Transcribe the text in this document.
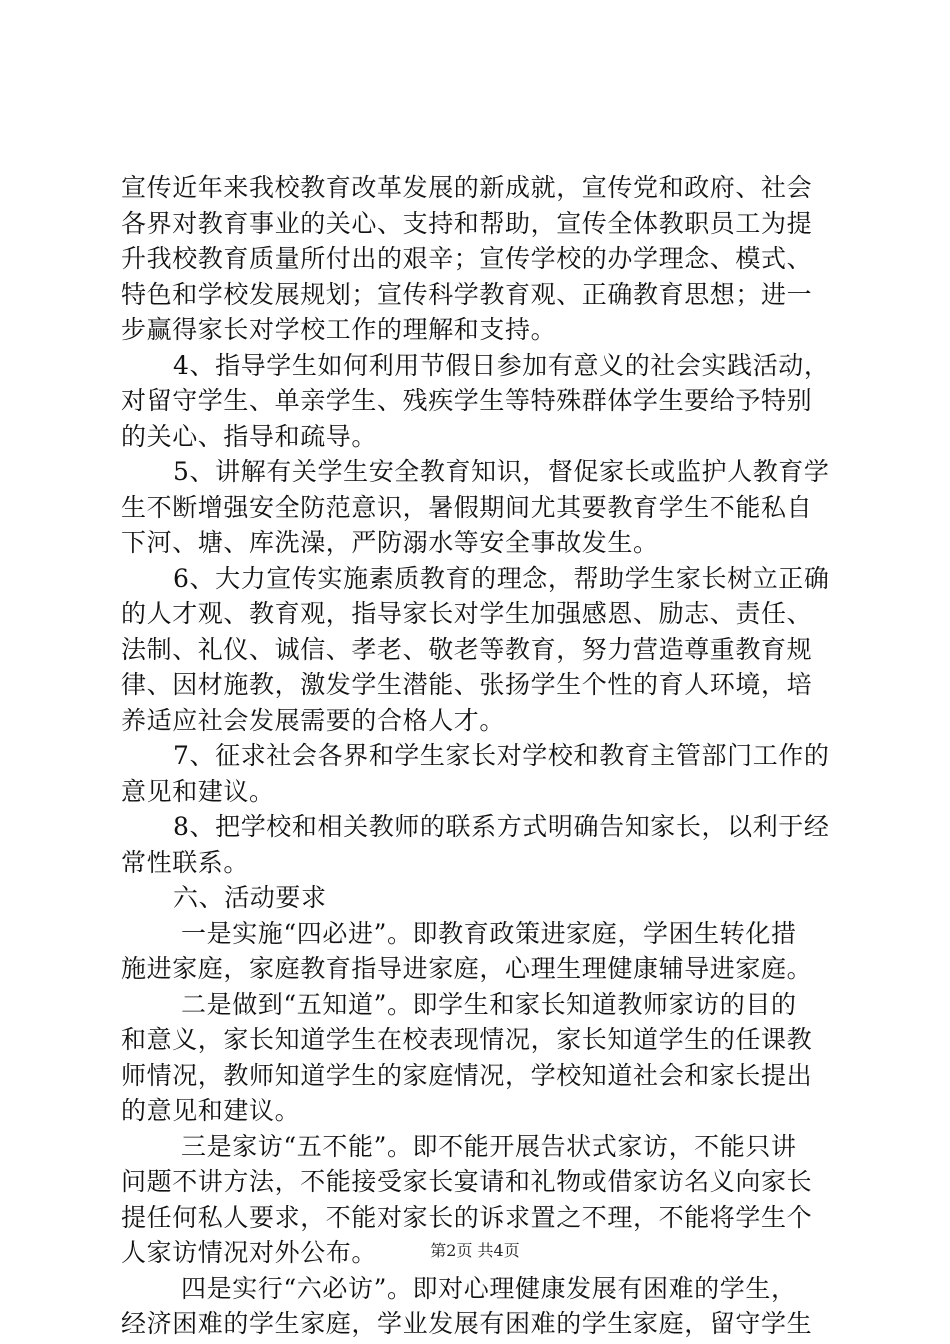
宣传近年来我校教育改革发展的新成就，宣传党和政府、社会
各界对教育事业的关心、支持和帮助，宣传全体教职员工为提
升我校教育质量所付出的艰辛；宣传学校的办学理念、模式、
特色和学校发展规划；宣传科学教育观、正确教育思想；进一
步赢得家长对学校工作的理解和支持。
4、指导学生如何利用节假日参加有意义的社会实践活动，
对留守学生、单亲学生、残疾学生等特殊群体学生要给予特别
的关心、指导和疏导。
5、讲解有关学生安全教育知识，督促家长或监护人教育学
生不断增强安全防范意识，暑假期间尤其要教育学生不能私自
下河、塘、库洗澡，严防溺水等安全事故发生。
6、大力宣传实施素质教育的理念，帮助学生家长树立正确
的人才观、教育观，指导家长对学生加强感恩、励志、责任、
法制、礼仪、诚信、孝老、敬老等教育，努力营造尊重教育规
律、因材施教，激发学生潜能、张扬学生个性的育人环境，培
养适应社会发展需要的合格人才。
7、征求社会各界和学生家长对学校和教育主管部门工作的
意见和建议。
8、把学校和相关教师的联系方式明确告知家长，以利于经
常性联系。
六、活动要求
一是实施“四必进”。即教育政策进家庭，学困生转化措
施进家庭，家庭教育指导进家庭，心理生理健康辅导进家庭。
二是做到“五知道”。即学生和家长知道教师家访的目的
和意义，家长知道学生在校表现情况，家长知道学生的任课教
师情况，教师知道学生的家庭情况，学校知道社会和家长提出
的意见和建议。
三是家访“五不能”。即不能开展告状式家访，不能只讲
问题不讲方法，不能接受家长宴请和礼物或借家访名义向家长
提任何私人要求，不能对家长的诉求置之不理，不能将学生个
人家访情况对外公布。
四是实行“六必访”。即对心理健康发展有困难的学生，
经济困难的学生家庭，学业发展有困难的学生家庭，留守学生
第2页 共4页
